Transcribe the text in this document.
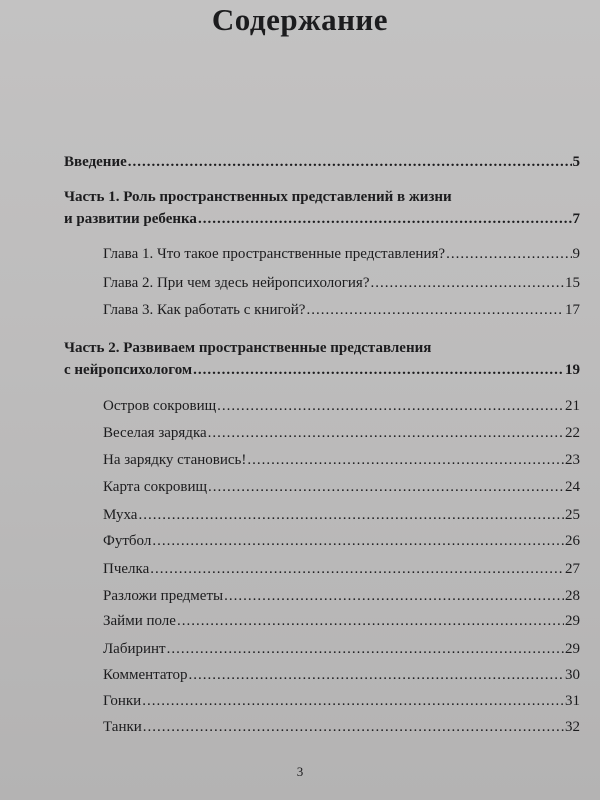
Содержание
Введение .....	5
Часть 1. Роль пространственных представлений в жизни
и развитии ребенка .....	7
Глава 1. Что такое пространственные представления? .....	9
Глава 2. При чем здесь нейропсихология? .....	15
Глава 3. Как работать с книгой? .....	17
Часть 2. Развиваем пространственные представления
с нейропсихологом .....	19
Остров сокровищ .....	21
Веселая зарядка .....	22
На зарядку становись! .....	23
Карта сокровищ .....	24
Муха .....	25
Футбол .....	26
Пчелка .....	27
Разложи предметы .....	28
Займи поле .....	29
Лабиринт .....	29
Комментатор .....	30
Гонки .....	31
Танки .....	32
3
